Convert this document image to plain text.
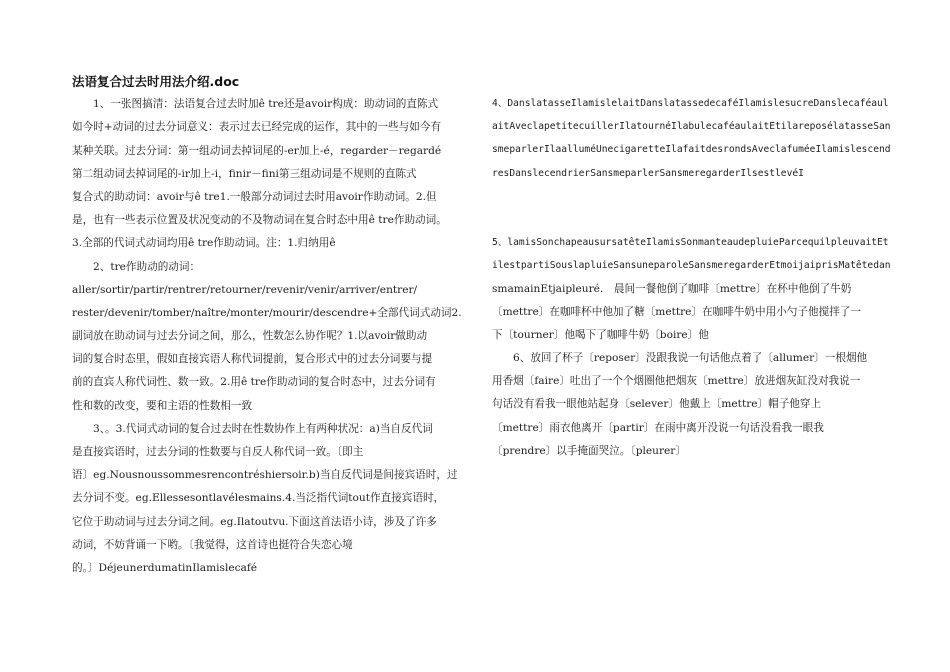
法语复合过去时用法介绍.doc
1、一张图搞清：法语复合过去时加ê tre还是avoir构成：助动词的直陈式
如今时+动词的过去分词意义：表示过去已经完成的运作，其中的一些与如今有
某种关联。过去分词：第一组动词去掉词尾的-er加上-é，regarder－regardé
第二组动词去掉词尾的-ir加上-i，finir－fini第三组动词是不规则的直陈式
复合式的助动词：avoir与ê tre1.一般部分动词过去时用avoir作助动词。2.但
是，也有一些表示位置及状况变动的不及物动词在复合时态中用ê tre作助动词。
3.全部的代词式动词均用ê tre作助动词。注：1.归纳用ê
2、tre作助动的动词：
aller/sortir/partir/rentrer/retourner/revenir/venir/arriver/entrer/
rester/devenir/tomber/naître/monter/mourir/descendre+全部代词式动词2.
副词放在助动词与过去分词之间，那么，性数怎么协作呢？1.以avoir做助动
词的复合时态里，假如直接宾语人称代词提前，复合形式中的过去分词要与提
前的直宾人称代词性、数一致。2.用ê tre作助动词的复合时态中，过去分词有
性和数的改变，要和主语的性数相一致
3、。3.代词式动词的复合过去时在性数协作上有两种状况：a)当自反代词
是直接宾语时，过去分词的性数要与自反人称代词一致。〔即主
语〕eg.Nousnoussommesrencontréshiersoir.b)当自反代词是间接宾语时，过
去分词不变。eg.Ellessesontlavélesmains.4.当泛指代词tout作直接宾语时，
它位于助动词与过去分词之间。eg.Ilatoutvu.下面这首法语小诗，涉及了许多
动词，不妨背诵一下哟。〔我觉得，这首诗也挺符合失恋心境
的。〕DéjeunerdumatinIlamislecafé
4、DanslatasseIlamislelaitDanslatassedecaféIlamislesucreDanslecaféaul
aitAveclapetitecuillerIlatournéIlabulecaféaulaitEtilareposélatasseSan
smeparlerIlaalluméUnecigaretteIlafaitdesrondsAveclafuméeIlamislescend
resDanslecendrierSansmeparlerSansmeregarderIlsestlevéI
5、lamisSonchapeausursatêteIlamisSonmanteaudepluieParcequilpleuvaitEt
ilestpartiSouslapluieSansuneparoleSansmeregarderEtmoijaiprisMatêtedan
smamainEtjaipleuré.　晨间一餐他倒了咖啡〔mettre〕在杯中他倒了牛奶
〔mettre〕在咖啡杯中他加了糖〔mettre〕在咖啡牛奶中用小勺子他搅拌了一
下〔tourner〕他喝下了咖啡牛奶〔boire〕他
6、放回了杯子〔reposer〕没跟我说一句话他点着了〔allumer〕一根烟他
用香烟〔faire〕吐出了一个个烟圈他把烟灰〔mettre〕放进烟灰缸没对我说一
句话没有看我一眼他站起身〔selever〕他戴上〔mettre〕帽子他穿上
〔mettre〕雨衣他离开〔partir〕在雨中离开没说一句话没看我一眼我
〔prendre〕以手掩面哭泣。〔pleurer〕
